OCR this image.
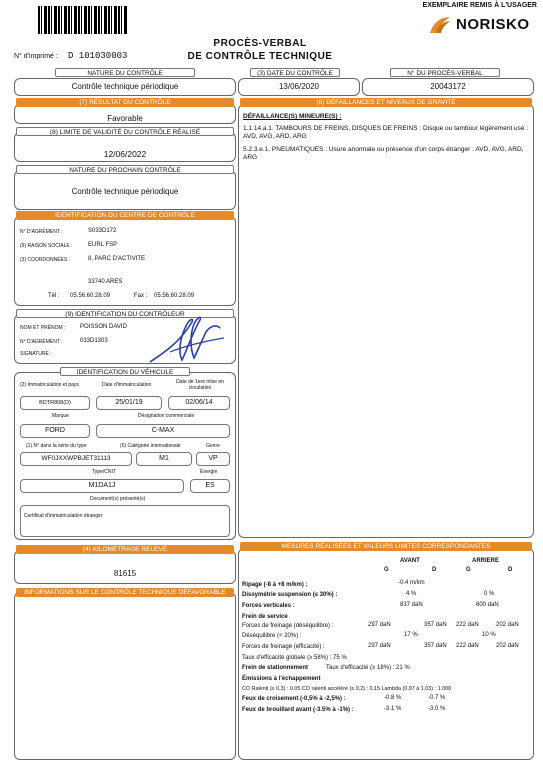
EXEMPLAIRE REMIS À L'USAGER
NORISKO
PROCÈS-VERBAL
DE CONTRÔLE TECHNIQUE
N° d'imprimé : D 101030003
NATURE DU CONTRÔLE
Contrôle technique périodique
(3) DATE DU CONTRÔLE
13/06/2020
N° DU PROCÈS-VERBAL
20043172
Favorable
(7) RÉSULTAT DU CONTRÔLE
12/06/2022
(8) LIMITE DE VALIDITÉ DU CONTRÔLE RÉALISÉ
Contrôle technique périodique
NATURE DU PROCHAIN CONTRÔLE
IDENTIFICATION DU CENTRE DE CONTRÔLE
N° D'AGRÉMENT :	S033D172
(9) RAISON SOCIALE :	EURL FSP
(3) COORDONNÉES :	8, PARC D'ACTIVITE
33740 ARES
Tél : 05.56.60.28.09	Fax : 05.56.60.28.09
(9) IDENTIFICATION DU CONTRÔLEUR
NOM ET PRÉNOM : POISSON DAVID
N° D'AGRÉMENT :	033D1303
SIGNATURE :
IDENTIFICATION DU VÉHICULE
(2) Immatriculation et pays	Date d'immatriculation	Date de 1ere mise en circulation
BDTR808(D)	25/01/19	02/06/14
Marque	Désignation commerciale
FORD	C-MAX
(1) N° dans la série du type	(5) Catégorie internationale	Genre
WF0JXXWPBJET31113	M1	VP
Type/CNIT	Énergie
M1DA1J	ES
Document(s) présenté(s)
Certificat d'immatriculation étranger
81615
(4) KILOMÉTRAGE RELEVÉ
INFORMATIONS SUR LE CONTRÔLE TECHNIQUE DÉFAVORABLE
(6) DÉFAILLANCES ET NIVEAUX DE GRAVITÉ
DÉFAILLANCE(S) MINEURE(S) :
1.1.14.a.1. TAMBOURS DE FREINS, DISQUES DE FREINS : Disque ou tambour légèrement usé : AVD, AVG, ARD, ARG
5.2.3.e.1. PNEUMATIQUES : Usure anormale ou présence d'un corps étranger : AVD, AVG, ARD, ARG
MESURES RÉALISÉES ET VALEURS LIMITES CORRESPONDANTES
AVANT	ARRIERE
G	D	G	D
Ripage (-8 à +8 m/km) :	-0.4 m/km
Dissymétrie suspension (≤ 30%) :	4 %	0 %
Forces verticales :	837 daN	600 daN
Frein de service
Forces de freinage (déséquilibre) :	297 daN	357 daN 222 daN	202 daN
Déséquilibre (< 20%) :	17 %	10 %
Forces de freinage (efficacité) :	297 daN	357 daN 222 daN	202 daN
Taux d'efficacité globale (≥ 58%) : 75 %
Frein de stationnement	Taux d'efficacité (≥ 18%) : 21 %
Émissions à l'échappement
CO Ralenti (≤ 0,3) : 0.05 CO ralenti accéléré (≤ 0,2) : 0.15 Lambda (0,97 à 1,03) : 1.000
Feux de croisement (-0,5% à -2,5%) :	-0.8 %	-0.7 %
Feux de brouillard avant (-3.5% à -1%) :	-3.1 %	-3.0 %
